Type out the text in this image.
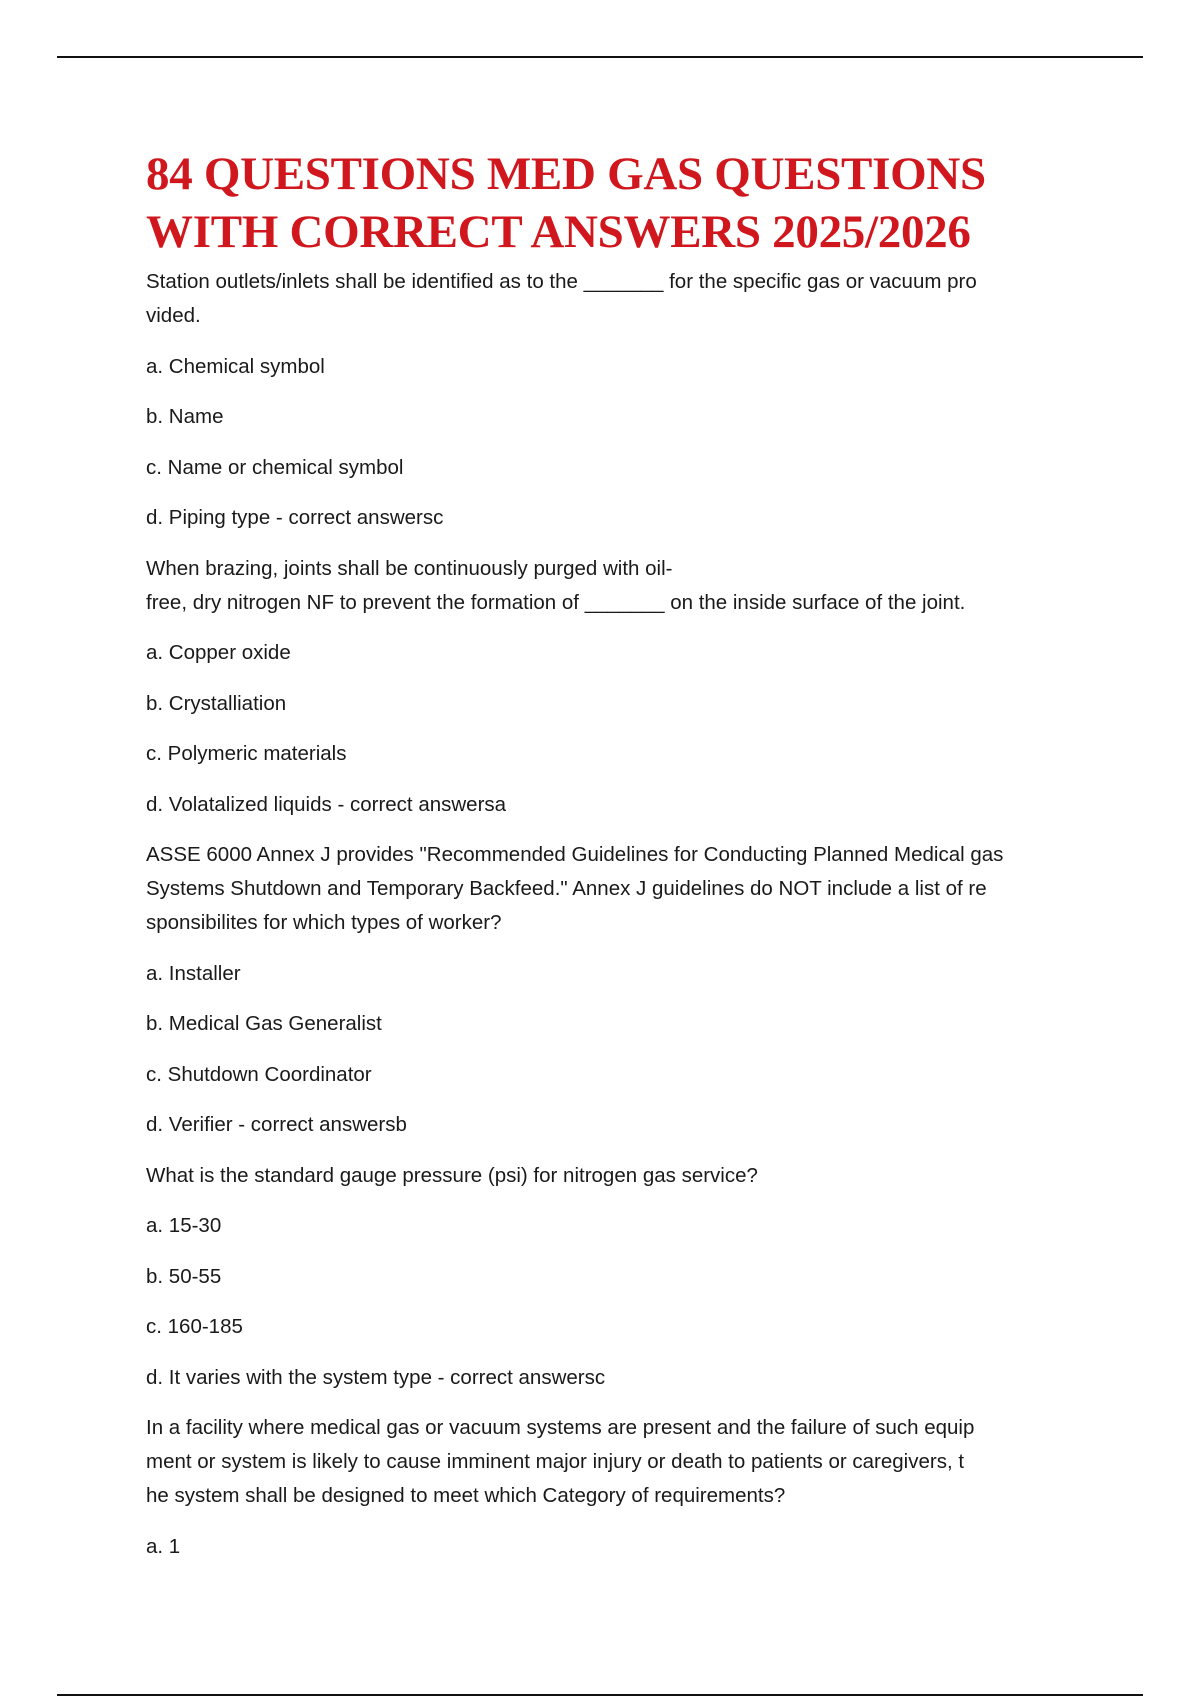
84 QUESTIONS MED GAS QUESTIONS
WITH CORRECT ANSWERS 2025/2026

Station outlets/inlets shall be identified as to the _______ for the specific gas or vacuum pro
vided.

a. Chemical symbol

b. Name

c. Name or chemical symbol

d. Piping type - correct answersc

When brazing, joints shall be continuously purged with oil-
free, dry nitrogen NF to prevent the formation of _______ on the inside surface of the joint.

a. Copper oxide

b. Crystalliation

c. Polymeric materials

d. Volatalized liquids - correct answersa

ASSE 6000 Annex J provides "Recommended Guidelines for Conducting Planned Medical gas
Systems Shutdown and Temporary Backfeed." Annex J guidelines do NOT include a list of re
sponsibilites for which types of worker?

a. Installer

b. Medical Gas Generalist

c. Shutdown Coordinator

d. Verifier - correct answersb

What is the standard gauge pressure (psi) for nitrogen gas service?

a. 15-30

b. 50-55

c. 160-185

d. It varies with the system type - correct answersc

In a facility where medical gas or vacuum systems are present and the failure of such equip
ment or system is likely to cause imminent major injury or death to patients or caregivers, t
he system shall be designed to meet which Category of requirements?

a. 1
